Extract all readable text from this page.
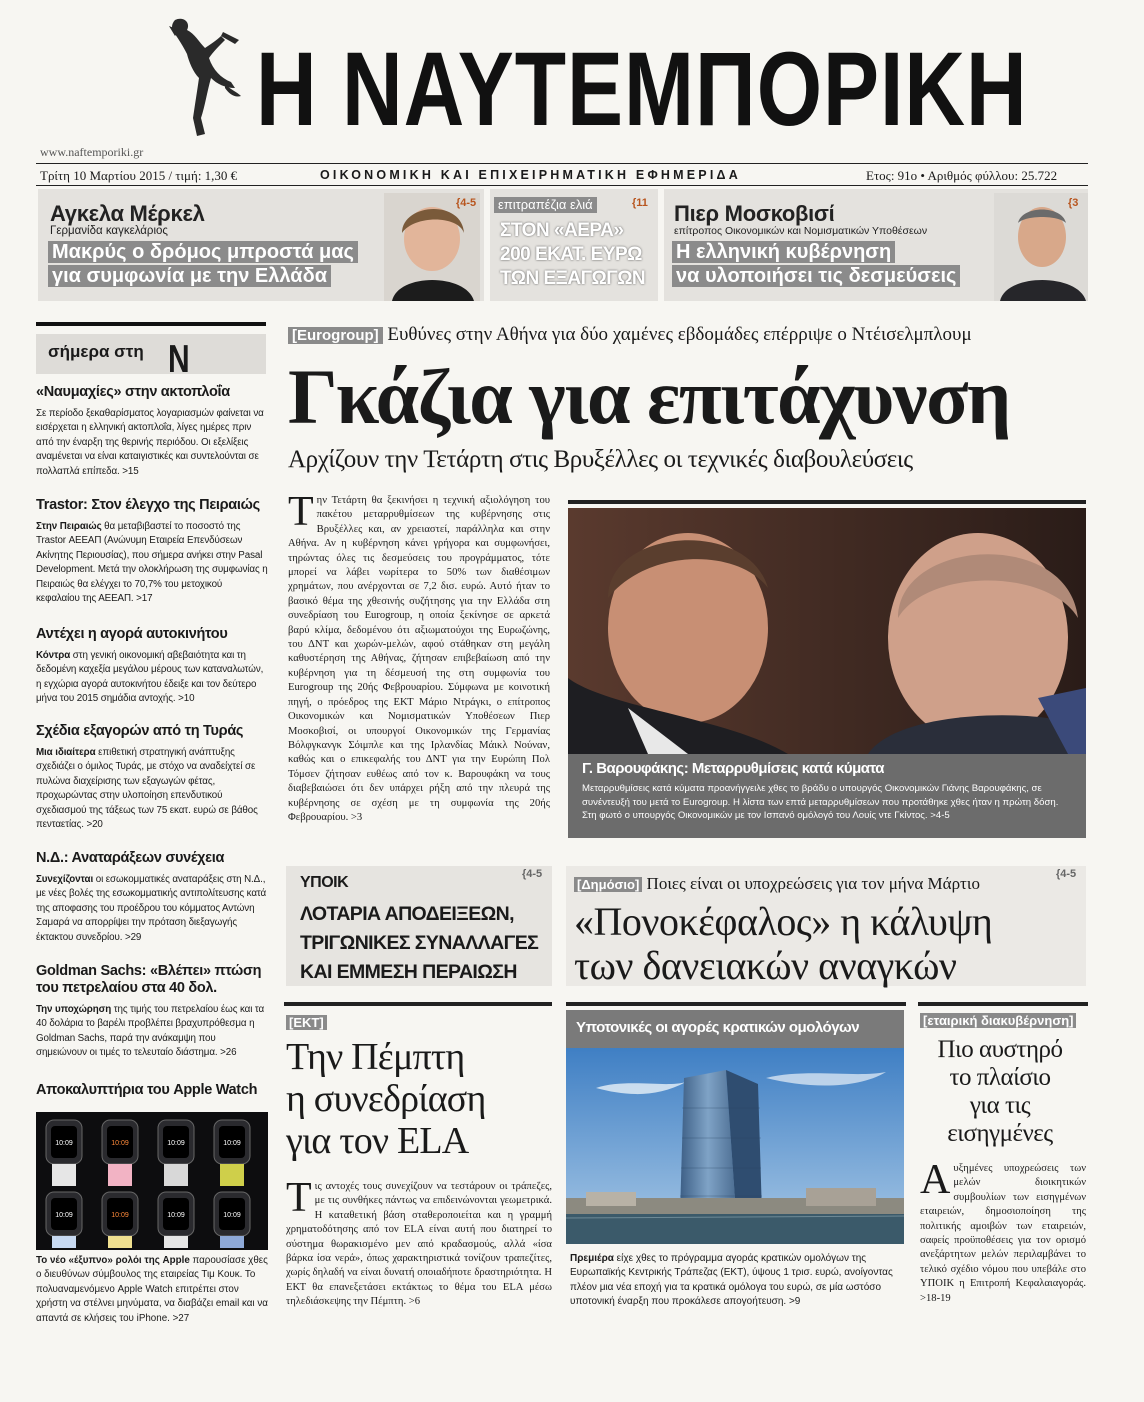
Η ΝΑΥΤΕΜΠΟΡΙΚΗ
www.naftemporiki.gr
Τρίτη 10 Μαρτίου 2015 / τιμή: 1,30 €	ΟΙΚΟΝΟΜΙΚΗ ΚΑΙ ΕΠΙΧΕΙΡΗΜΑΤΙΚΗ ΕΦΗΜΕΡΙΔΑ	Ετος: 91ο • Αριθμός φύλλου: 25.722
Αγκελα Μέρκελ
Γερμανίδα καγκελάριος
Μακρύς ο δρόμος μπροστά μας
για συμφωνία με την Ελλάδα
{4-5	επιτραπέζια ελιά	{11
ΣΤΟΝ «ΑΕΡΑ»
200 ΕΚΑΤ. ΕΥΡΩ
ΤΩΝ ΕΞΑΓΩΓΩΝ
Πιερ Μοσκοβισί
επίτροπος Οικονομικών και Νομισματικών Υποθέσεων
Η ελληνική κυβέρνηση
να υλοποιήσει τις δεσμεύσεις
{3
σήμερα στη N
«Ναυμαχίες» στην ακτοπλοΐα

Σε περίοδο ξεκαθαρίσματος λογαριασμών φαίνεται να εισέρχεται η ελληνική ακτοπλοΐα, λίγες ημέρες πριν από την έναρξη της θερινής περιόδου. Οι εξελίξεις αναμένεται να είναι καταιγιστικές και συντελούνται σε πολλαπλά επίπεδα. >15

Trastor: Στον έλεγχο της Πειραιώς

Στην Πειραιώς θα μεταβιβαστεί το ποσοστό της Trastor ΑΕΕΑΠ (Ανώνυμη Εταιρεία Επενδύσεων Ακίνητης Περιουσίας), που σήμερα ανήκει στην Pasal Development. Μετά την ολοκλήρωση της συμφωνίας η Πειραιώς θα ελέγχει το 70,7% του μετοχικού κεφαλαίου της ΑΕΕΑΠ. >17

Αντέχει η αγορά αυτοκινήτου

Κόντρα στη γενική οικονομική αβεβαιότητα και τη δεδομένη καχεξία μεγάλου μέρους των καταναλωτών, η εγχώρια αγορά αυτοκινήτου έδειξε και τον δεύτερο μήνα του 2015 σημάδια αντοχής. >10

Σχέδια εξαγορών από τη Τυράς

Μια ιδιαίτερα επιθετική στρατηγική ανάπτυξης σχεδιάζει ο όμιλος Τυράς, με στόχο να αναδείχτεί σε πυλώνα διαχείρισης των εξαγωγών φέτας, προχωρώντας στην υλοποίηση επενδυτικού σχεδιασμού της τάξεως των 75 εκατ. ευρώ σε βάθος πενταετίας. >20

Ν.Δ.: Αναταράξεων συνέχεια

Συνεχίζονται οι εσωκομματικές αναταράξεις στη Ν.Δ., με νέες βολές της εσωκομματικής αντιπολίτευσης κατά της αποφασης του προέδρου του κόμματος Αντώνη Σαμαρά να απορρίψει την πρόταση διεξαγωγής έκτακτου συνεδρίου. >29

Goldman Sachs: «Βλέπει» πτώση του πετρελαίου στα 40 δολ.

Την υποχώρηση της τιμής του πετρελαίου έως και τα 40 δολάρια το βαρέλι προβλέπει βραχυπρόθεσμα η Goldman Sachs, παρά την ανάκαμψη που σημειώνουν οι τιμές το τελευταίο διάστημα. >26

Αποκαλυπτήρια του Apple Watch
10:09	10:09	10:09	10:09
10:09	10:09	10:09	10:09
Το νέο «έξυπνο» ρολόι της Apple παρουσίασε χθες ο διευθύνων σύμβουλος της εταιρείας Τιμ Κουκ. Το πολυαναμενόμενο Apple Watch επιτρέπει στον χρήστη να στέλνει μηνύματα, να διαβάζει email και να απαντά σε κλήσεις του iPhone. >27
[Eurogroup] Ευθύνες στην Αθήνα για δύο χαμένες εβδομάδες επέρριψε ο Ντέισελμπλουμ
Γκάζια για επιτάχυνση
Αρχίζουν την Τετάρτη στις Βρυξέλλες οι τεχνικές διαβουλεύσεις
Την Τετάρτη θα ξεκινήσει η τεχνική αξιολόγηση του πακέτου μεταρρυθμίσεων της κυβέρνησης στις Βρυξέλλες και, αν χρειαστεί, παράλληλα και στην Αθήνα. Αν η κυβέρνηση κάνει γρήγορα και συμφωνήσει, τηρώντας όλες τις δεσμεύσεις του προγράμματος, τότε μπορεί να λάβει νωρίτερα το 50% των διαθέσιμων χρημάτων, που ανέρχονται σε 7,2 δισ. ευρώ. Αυτό ήταν το βασικό θέμα της χθεσινής συζήτησης για την Ελλάδα στη συνεδρίαση του Eurogroup, η οποία ξεκίνησε σε αρκετά βαρύ κλίμα, δεδομένου ότι αξιωματούχοι της Ευρωζώνης, του ΔΝΤ και χωρών-μελών, αφού στάθηκαν στη μεγάλη καθυστέρηση της Αθήνας, ζήτησαν επιβεβαίωση από την κυβέρνηση για τη δέσμευσή της στη συμφωνία του Eurogroup της 20ής Φεβρουαρίου. Σύμφωνα με κοινοτική πηγή, ο πρόεδρος της ΕΚΤ Μάριο Ντράγκι, ο επίτροπος Οικονομικών και Νομισματικών Υποθέσεων Πιερ Μοσκοβισί, οι υπουργοί Οικονομικών της Γερμανίας Βόλφγκανγκ Σόιμπλε και της Ιρλανδίας Μάικλ Νούναν, καθώς και ο επικεφαλής του ΔΝΤ για την Ευρώπη Πολ Τόμσεν ζήτησαν ευθέως από τον κ. Βαρουφάκη να τους διαβεβαιώσει ότι δεν υπάρχει ρήξη από την πλευρά της κυβέρνησης σε σχέση με τη συμφωνία της 20ής Φεβρουαρίου. >3
Γ. Βαρουφάκης: Μεταρρυθμίσεις κατά κύματα
Μεταρρυθμίσεις κατά κύματα προανήγγειλε χθες το βράδυ ο υπουργός Οικονομικών Γιάνης Βαρουφάκης, σε συνέντευξή του μετά το Eurogroup. Η λίστα των επτά μεταρρυθμίσεων που προτάθηκε χθες ήταν η πρώτη δόση. Στη φωτό ο υπουργός Οικονομικών με τον Ισπανό ομόλογό του Λουίς ντε Γκίντος. >4-5
ΥΠΟΙΚ	{4-5
ΛΟΤΑΡΙΑ ΑΠΟΔΕΙΞΕΩΝ,
ΤΡΙΓΩΝΙΚΕΣ ΣΥΝΑΛΛΑΓΕΣ
ΚΑΙ ΕΜΜΕΣΗ ΠΕΡΑΙΩΣΗ
[Δημόσιο] Ποιες είναι οι υποχρεώσεις για τον μήνα Μάρτιο	{4-5
«Πονοκέφαλος» η κάλυψη
των δανειακών αναγκών
[ΕΚΤ]
Την Πέμπτη
η συνεδρίαση
για τον ELA
Τις αντοχές τους συνεχίζουν να τεστάρουν οι τράπεζες, με τις συνθήκες πάντως να επιδεινώνονται γεωμετρικά. Η καταθετική βάση σταθεροποιείται και η γραμμή χρηματοδότησης από τον ELA είναι αυτή που διατηρεί το σύστημα θωρακισμένο μεν από κραδασμούς, αλλά «ίσα βάρκα ίσα νερά», όπως χαρακτηριστικά τονίζουν τραπεζίτες, χωρίς δηλαδή να είναι δυνατή οποιαδήποτε δραστηριότητα. Η ΕΚΤ θα επανεξετάσει εκτάκτως το θέμα του ELA μέσω τηλεδιάσκεψης την Πέμπτη. >6
Υποτονικές οι αγορές κρατικών ομολόγων
Πρεμιέρα είχε χθες το πρόγραμμα αγοράς κρατικών ομολόγων της Ευρωπαϊκής Κεντρικής Τράπεζας (ΕΚΤ), ύψους 1 τρισ. ευρώ, ανοίγοντας πλέον μια νέα εποχή για τα κρατικά ομόλογα του ευρώ, σε μία ωστόσο υποτονική έναρξη που προκάλεσε απογοήτευση. >9
[εταιρική διακυβέρνηση]
Πιο αυστηρό
το πλαίσιο
για τις
εισηγμένες
Αυξημένες υποχρεώσεις των μελών διοικητικών συμβουλίων των εισηγμένων εταιρειών, δημοσιοποίηση της πολιτικής αμοιβών των εταιρειών, σαφείς προϋποθέσεις για τον ορισμό ανεξάρτητων μελών περιλαμβάνει το τελικό σχέδιο νόμου που υπεβάλε στο ΥΠΟΙΚ η Επιτροπή Κεφαλαιαγοράς. >18-19
